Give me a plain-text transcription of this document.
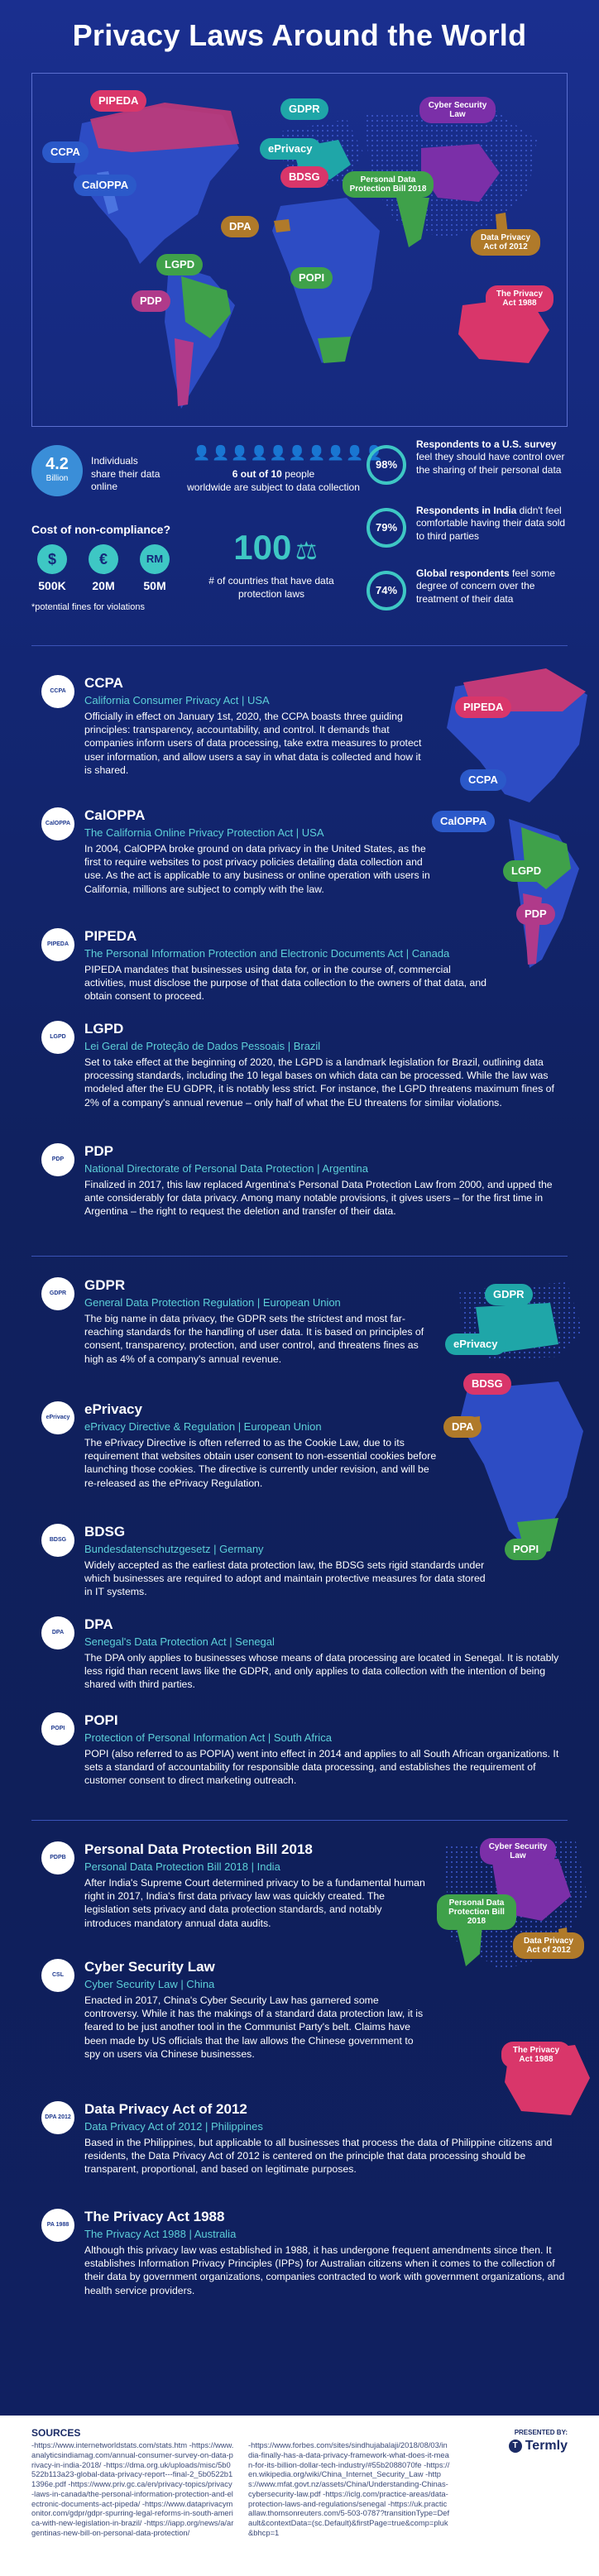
Privacy Laws Around the World
PIPEDA
GDPR	Cyber Security Law
CCPA	ePrivacy
CalOPPA
BDSG	Personal Data Protection Bill 2018
DPA
Data Privacy Act of 2012
LGPD
POPI
PDP
The Privacy Act 1988
4.2
Billion
Individuals share their data online
👤👤👤👤👤👤👤👤👤👤
6 out of 10 people
worldwide are subject to data collection
Cost of non-compliance?
$
500K
€
20M
RM
50M
*potential fines for violations
100 ⚖
# of countries that have data protection laws
98%
Respondents to a U.S. survey feel they should have control over the sharing of their personal data
79%
Respondents in India didn't feel comfortable having their data sold to third parties
74%
Global respondents feel some degree of concern over the treatment of their data
PIPEDA
CCPA
CalOPPA
LGPD
PDP
CCPA
CCPA
California Consumer Privacy Act | USA
Officially in effect on January 1st, 2020, the CCPA boasts three guiding principles: transparency, accountability, and control. It demands that companies inform users of data processing, take extra measures to protect user information, and allow users a say in what data is collected and how it is shared.
CalOPPA
CalOPPA
The California Online Privacy Protection Act | USA
In 2004, CalOPPA broke ground on data privacy in the United States, as the first to require websites to post privacy policies detailing data collection and use. As the act is applicable to any business or online operation with users in California, millions are subject to comply with the law.
PIPEDA
PIPEDA
The Personal Information Protection and Electronic Documents Act | Canada
PIPEDA mandates that businesses using data for, or in the course of, commercial activities, must disclose the purpose of that data collection to the owners of that data, and obtain consent to proceed.
LGPD
LGPD
Lei Geral de Proteção de Dados Pessoais | Brazil
Set to take effect at the beginning of 2020, the LGPD is a landmark legislation for Brazil, outlining data processing standards, including the 10 legal bases on which data can be processed. While the law was modeled after the EU GDPR, it is notably less strict. For instance, the LGPD threatens maximum fines of 2% of a company's annual revenue – only half of what the EU threatens for similar violations.
PDP
PDP
National Directorate of Personal Data Protection | Argentina
Finalized in 2017, this law replaced Argentina's Personal Data Protection Law from 2000, and upped the ante considerably for data privacy. Among many notable provisions, it gives users – for the first time in Argentina – the right to request the deletion and transfer of their data.
GDPR
ePrivacy
BDSG
DPA
POPI
GDPR
GDPR
General Data Protection Regulation | European Union
The big name in data privacy, the GDPR sets the strictest and most far-reaching standards for the handling of user data. It is based on principles of consent, transparency, protection, and user control, and threatens fines as high as 4% of a company's annual revenue.
ePrivacy
ePrivacy
ePrivacy Directive & Regulation | European Union
The ePrivacy Directive is often referred to as the Cookie Law, due to its requirement that websites obtain user consent to non-essential cookies before launching those cookies. The directive is currently under revision, and will be re-released as the ePrivacy Regulation.
BDSG
BDSG
Bundesdatenschutzgesetz | Germany
Widely accepted as the earliest data protection law, the BDSG sets rigid standards under which businesses are required to adopt and maintain protective measures for data stored in IT systems.
DPA
DPA
Senegal's Data Protection Act | Senegal
The DPA only applies to businesses whose means of data processing are located in Senegal. It is notably less rigid than recent laws like the GDPR, and only applies to data collection with the intention of being shared with third parties.
POPI
POPI
Protection of Personal Information Act | South Africa
POPI (also referred to as POPIA) went into effect in 2014 and applies to all South African organizations. It sets a standard of accountability for responsible data processing, and establishes the requirement of customer consent to direct marketing outreach.
Cyber Security Law
Personal Data Protection Bill 2018
Data Privacy Act of 2012
The Privacy Act 1988
PDPB
Personal Data Protection Bill 2018
Personal Data Protection Bill 2018 | India
After India's Supreme Court determined privacy to be a fundamental human right in 2017, India's first data privacy law was quickly created. The legislation sets privacy and data protection standards, and notably introduces mandatory annual data audits.
CSL
Cyber Security Law
Cyber Security Law | China
Enacted in 2017, China's Cyber Security Law has garnered some controversy. While it has the makings of a standard data protection law, it is feared to be just another tool in the Communist Party's belt. Claims have been made by US officials that the law allows the Chinese government to spy on users via Chinese businesses.
DPA 2012
Data Privacy Act of 2012
Data Privacy Act of 2012 | Philippines
Based in the Philippines, but applicable to all businesses that process the data of Philippine citizens and residents, the Data Privacy Act of 2012 is centered on the principle that data processing should be transparent, proportional, and based on legitimate purposes.
PA 1988
The Privacy Act 1988
The Privacy Act 1988 | Australia
Although this privacy law was established in 1988, it has undergone frequent amendments since then. It establishes Information Privacy Principles (IPPs) for Australian citizens when it comes to the collection of their data by government organizations, companies contracted to work with government organizations, and health service providers.
SOURCES
-https://www.internetworldstats.com/stats.htm -https://www.analyticsindiamag.com/annual-consumer-survey-on-data-privacy-in-india-2018/ -https://dma.org.uk/uploads/misc/5b0522b113a23-global-data-privacy-report---final-2_5b0522b11396e.pdf -https://www.priv.gc.ca/en/privacy-topics/privacy-laws-in-canada/the-personal-information-protection-and-electronic-documents-act-pipeda/ -https://www.dataprivacymonitor.com/gdpr/gdpr-spurring-legal-reforms-in-south-america-with-new-legislation-in-brazil/ -https://iapp.org/news/a/argentinas-new-bill-on-personal-data-protection/
-https://www.forbes.com/sites/sindhujabalaji/2018/08/03/india-finally-has-a-data-privacy-framework-what-does-it-mean-for-its-billion-dollar-tech-industry/#55b2088070fe -https://en.wikipedia.org/wiki/China_Internet_Security_Law -https://www.mfat.govt.nz/assets/China/Understanding-Chinas-cybersecurity-law.pdf -https://iclg.com/practice-areas/data-protection-laws-and-regulations/senegal -https://uk.practicallaw.thomsonreuters.com/5-503-0787?transitionType=Default&contextData=(sc.Default)&firstPage=true&comp=pluk&bhcp=1
PRESENTED BY:
T Termly
